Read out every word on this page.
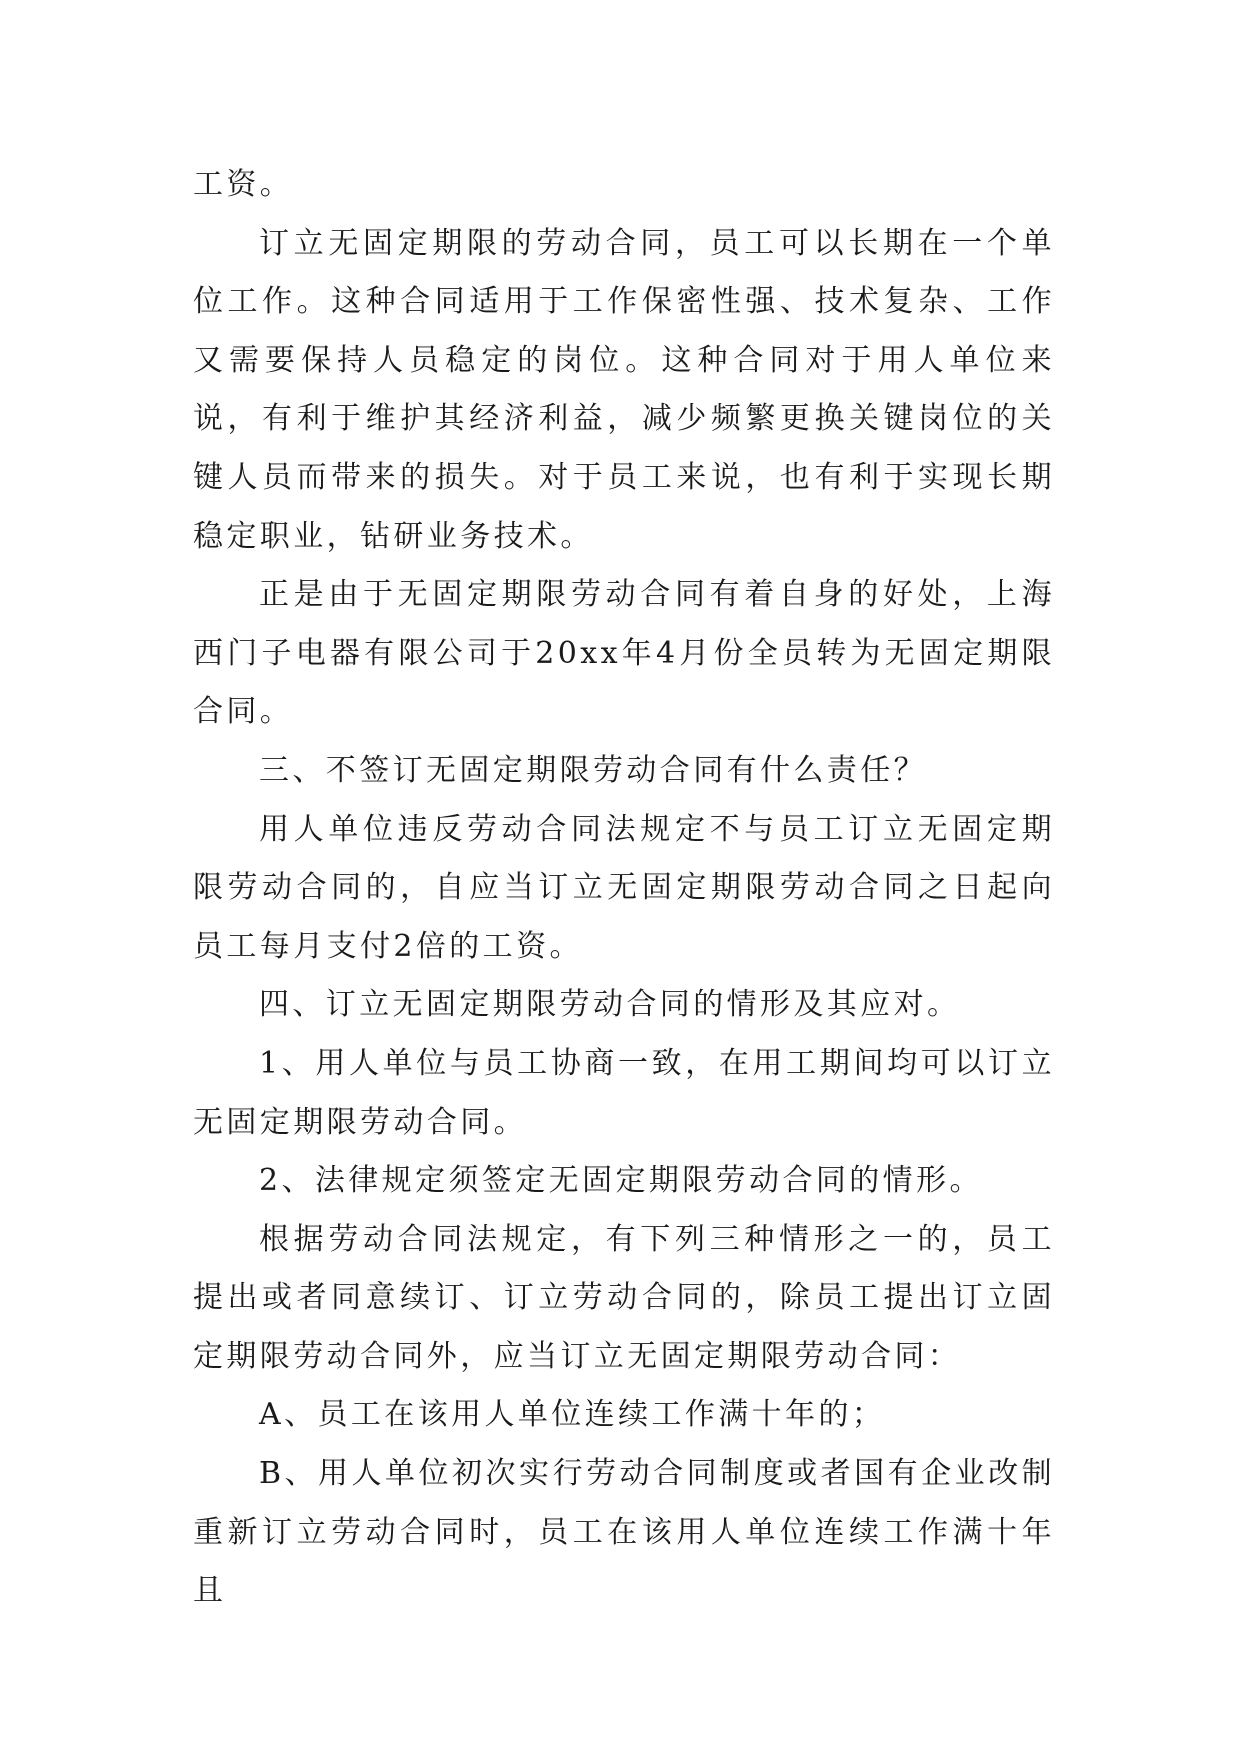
工资。

订立无固定期限的劳动合同，员工可以长期在一个单位工作。这种合同适用于工作保密性强、技术复杂、工作又需要保持人员稳定的岗位。这种合同对于用人单位来说，有利于维护其经济利益，减少频繁更换关键岗位的关键人员而带来的损失。对于员工来说，也有利于实现长期稳定职业，钻研业务技术。

正是由于无固定期限劳动合同有着自身的好处，上海西门子电器有限公司于20xx年4月份全员转为无固定期限合同。

三、不签订无固定期限劳动合同有什么责任？

用人单位违反劳动合同法规定不与员工订立无固定期限劳动合同的，自应当订立无固定期限劳动合同之日起向员工每月支付2倍的工资。

四、订立无固定期限劳动合同的情形及其应对。

1、用人单位与员工协商一致，在用工期间均可以订立无固定期限劳动合同。

2、法律规定须签定无固定期限劳动合同的情形。

根据劳动合同法规定，有下列三种情形之一的，员工提出或者同意续订、订立劳动合同的，除员工提出订立固定期限劳动合同外，应当订立无固定期限劳动合同：

A、员工在该用人单位连续工作满十年的；

B、用人单位初次实行劳动合同制度或者国有企业改制重新订立劳动合同时，员工在该用人单位连续工作满十年且
